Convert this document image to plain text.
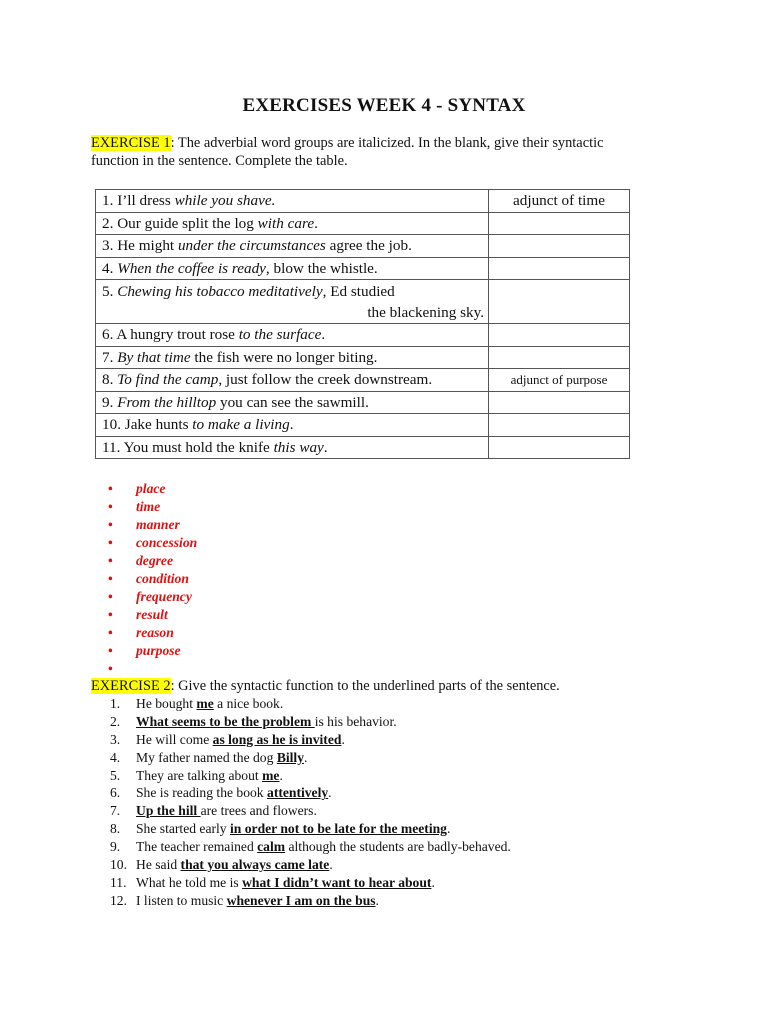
EXERCISES WEEK 4 - SYNTAX
EXERCISE 1: The adverbial word groups are italicized. In the blank, give their syntactic function in the sentence. Complete the table.
1. I’ll dress while you shave.	adjunct of time
2. Our guide split the log with care.	
3. He might under the circumstances agree the job.	
4. When the coffee is ready, blow the whistle.	
5. Chewing his tobacco meditatively, Ed studied
the blackening sky.	

6. A hungry trout rose to the surface.	
7. By that time the fish were no longer biting.	
8. To find the camp, just follow the creek downstream.	adjunct of purpose
9. From the hilltop you can see the sawmill.	
10. Jake hunts to make a living.	
11. You must hold the knife this way.	
• place
• time
• manner
• concession
• degree
• condition
• frequency
• result
• reason
• purpose
•
EXERCISE 2: Give the syntactic function to the underlined parts of the sentence.
1.	He bought me a nice book.
2.	What seems to be the problem is his behavior.
3.	He will come as long as he is invited.
4.	My father named the dog Billy.
5.	They are talking about me.
6.	She is reading the book attentively.
7.	Up the hill are trees and flowers.
8.	She started early in order not to be late for the meeting.
9.	The teacher remained calm although the students are badly-behaved.
10. He said that you always came late.
11. What he told me is what I didn’t want to hear about.
12. I listen to music whenever I am on the bus.
